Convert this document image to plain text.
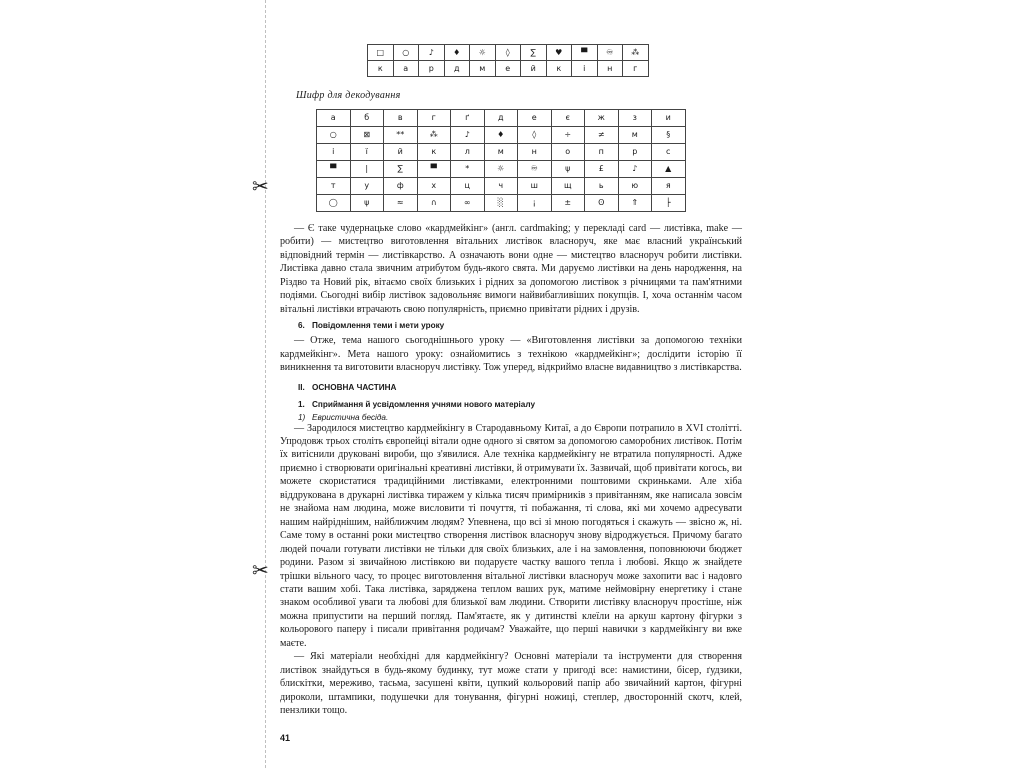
✂
✂
□	○	♪	♦	☼	◊	∑	♥	▀	♾	⁂
к	а	р	д	м	е	й	к	і	н	г
Шифр для декодування
а	б	в	г	ґ	д	е	є	ж	з	и
○	⊠	**	⁂	♪	♦	◊	÷	≠	м	§
і	ї	й	к	л	м	н	о	п	р	с
▀	|	∑	▀	*	☼	♾	ψ	£	♪	▲
т	у	ф	х	ц	ч	ш	щ	ь	ю	я
◯	ψ	≈	∩	∞	░	¡	±	ʘ	⇑	├

— Є таке чудернацьке слово «кардмейкінг» (англ. cardmaking; у перекладі card — листівка, make — робити) — мистецтво виготовлення вітальних листівок власноруч, яке має власний український відповідний термін — листівкарство. А означають вони одне — мистецтво власноруч робити листівки. Листівка давно стала звичним атрибутом будь-якого свята. Ми даруємо листівки на день народження, на Різдво та Новий рік, вітаємо своїх близьких і рідних за допомогою листівок з річницями та пам'ятними подіями. Сьогодні вибір листівок задовольняє вимоги найвибагливіших покупців. І, хоча останнім часом вітальні листівки втрачають свою популярність, приємно привітати рідних і друзів.

6. Повідомлення теми і мети уроку

— Отже, тема нашого сьогоднішнього уроку — «Виготовлення листівки за допомогою техніки кардмейкінг». Мета нашого уроку: ознайомитись з технікою «кардмейкінг»; дослідити історію її виникнення та виготовити власноруч листівку. Тож уперед, відкриймо власне видавництво з листівкарства.

II. ОСНОВНА ЧАСТИНА
1. Сприймання й усвідомлення учнями нового матеріалу
1) Евристична бесіда.

— Зародилося мистецтво кардмейкінгу в Стародавньому Китаї, а до Європи потрапило в XVI столітті. Упродовж трьох століть європейці вітали одне одного зі святом за допомогою саморобних листівок. Потім їх витіснили друковані вироби, що з'явилися. Але техніка кардмейкінгу не втратила популярності. Адже приємно і створювати оригінальні креативні листівки, й отримувати їх. Зазвичай, щоб привітати когось, ви можете скористатися традиційними листівками, електронними поштовими скриньками. Але хіба віддрукована в друкарні листівка тиражем у кілька тисяч примірників з привітанням, яке написала зовсім не знайома нам людина, може висловити ті почуття, ті побажання, ті слова, які ми хочемо адресувати нашим найріднішим, найближчим людям? Упевнена, що всі зі мною погодяться і скажуть — звісно ж, ні. Саме тому в останні роки мистецтво створення листівок власноруч знову відроджується. Причому багато людей почали готувати листівки не тільки для своїх близьких, але і на замовлення, поповнюючи бюджет родини. Разом зі звичайною листівкою ви подаруєте частку вашого тепла і любові. Якщо ж знайдете трішки вільного часу, то процес виготовлення вітальної листівки власноруч може захопити вас і надовго стати вашим хобі. Така листівка, заряджена теплом ваших рук, матиме неймовірну енергетику і стане знаком особливої уваги та любові для близької вам людини. Створити листівку власноруч простіше, ніж можна припустити на перший погляд. Пам'ятаєте, як у дитинстві клеїли на аркуш картону фігурки з кольорового паперу і писали привітання родичам? Уважайте, що перші навички з кардмейкінгу ви вже маєте.

— Які матеріали необхідні для кардмейкінгу? Основні матеріали та інструменти для створення листівок знайдуться в будь-якому будинку, тут може стати у пригоді все: намистини, бісер, ґудзики, блискітки, мереживо, тасьма, засушені квіти, цупкий кольоровий папір або звичайний картон, фігурні дироколи, штампики, подушечки для тонування, фігурні ножиці, степлер, двосторонній скотч, клей, пензлики тощо.

41
